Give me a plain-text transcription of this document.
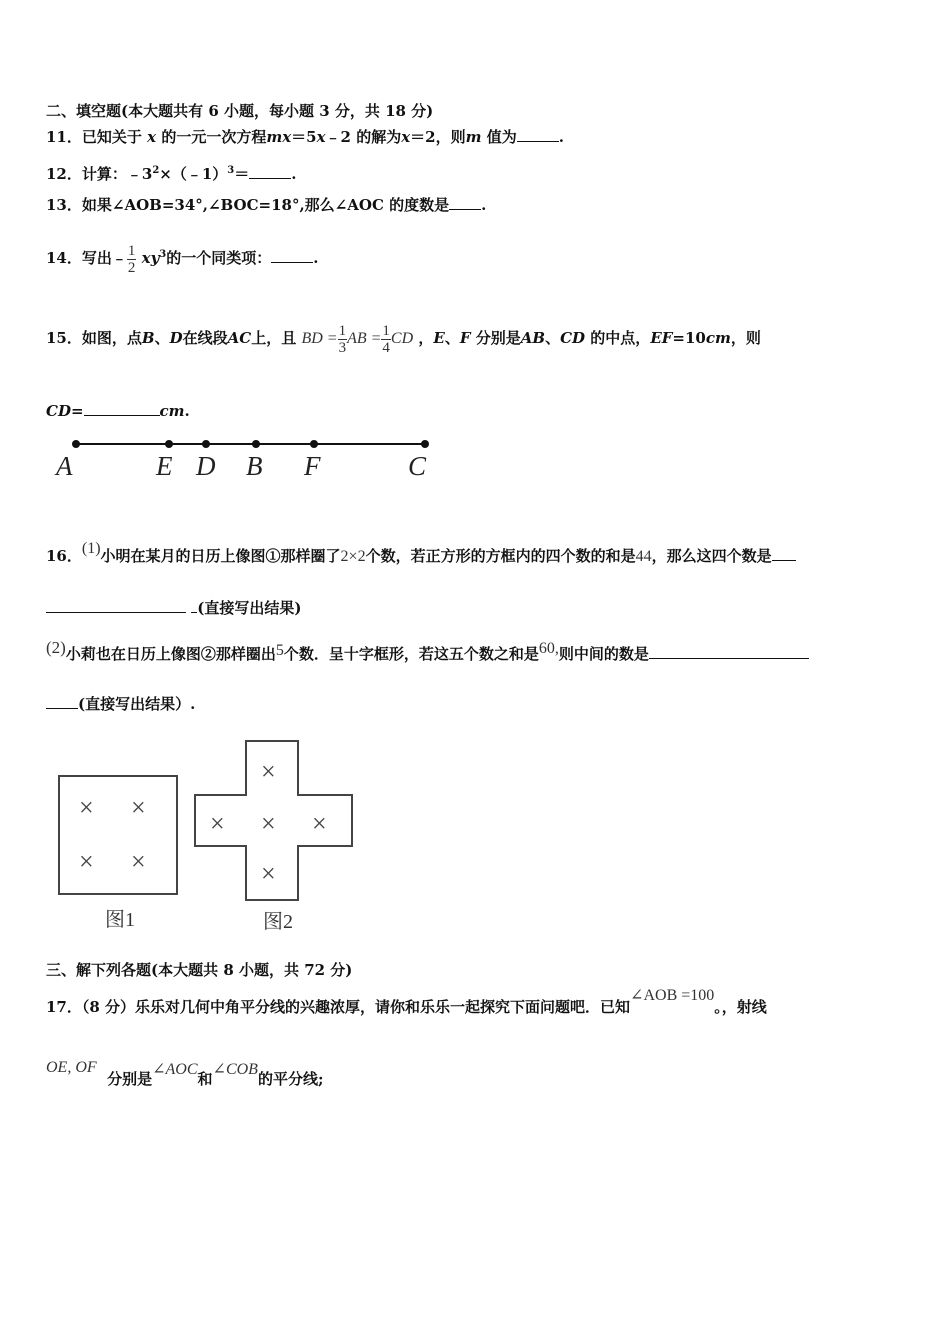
二、填空题(本大题共有 6 小题，每小题 3 分，共 18 分)
11．已知关于 x 的一元一次方程mx＝5x﹣2 的解为x＝2，则m 值为	.
12．计算：$﹣3^2\times(﹣1)^3=$	.
13．如果∠AOB=34°,∠BOC=18°,那么∠AOC 的度数是 .
14．写出﹣ $\frac{1}{2} xy^3$的一个同类项：	.
15．如图，点B、D在线段AC上，且 BD = $\frac{1}{3}$ AB = $\frac{1}{4}$ CD ，E、F 分别是AB、CD 的中点，EF=10cm，则
CD=	cm.
A	E D B F	C
16．(1)小明在某月的日历上像图①那样圈了2×2个数，若正方形的方框内的四个数的和是44，那么这四个数是
(直接写出结果)
(2)小莉也在日历上像图②那样圈出5个数．呈十字框形，若这五个数之和是60,则中间的数是
(直接写出结果）.
× ×
× ×
图1
×
× × ×
×
图2
三、解下列各题(本大题共 8 小题，共 72 分)
17．（8 分）乐乐对几何中角平分线的兴趣浓厚，请你和乐乐一起探究下面问题吧．已知∠AOB =100。，射线
OE, OF  分别是∠AOC和∠COB的平分线;
